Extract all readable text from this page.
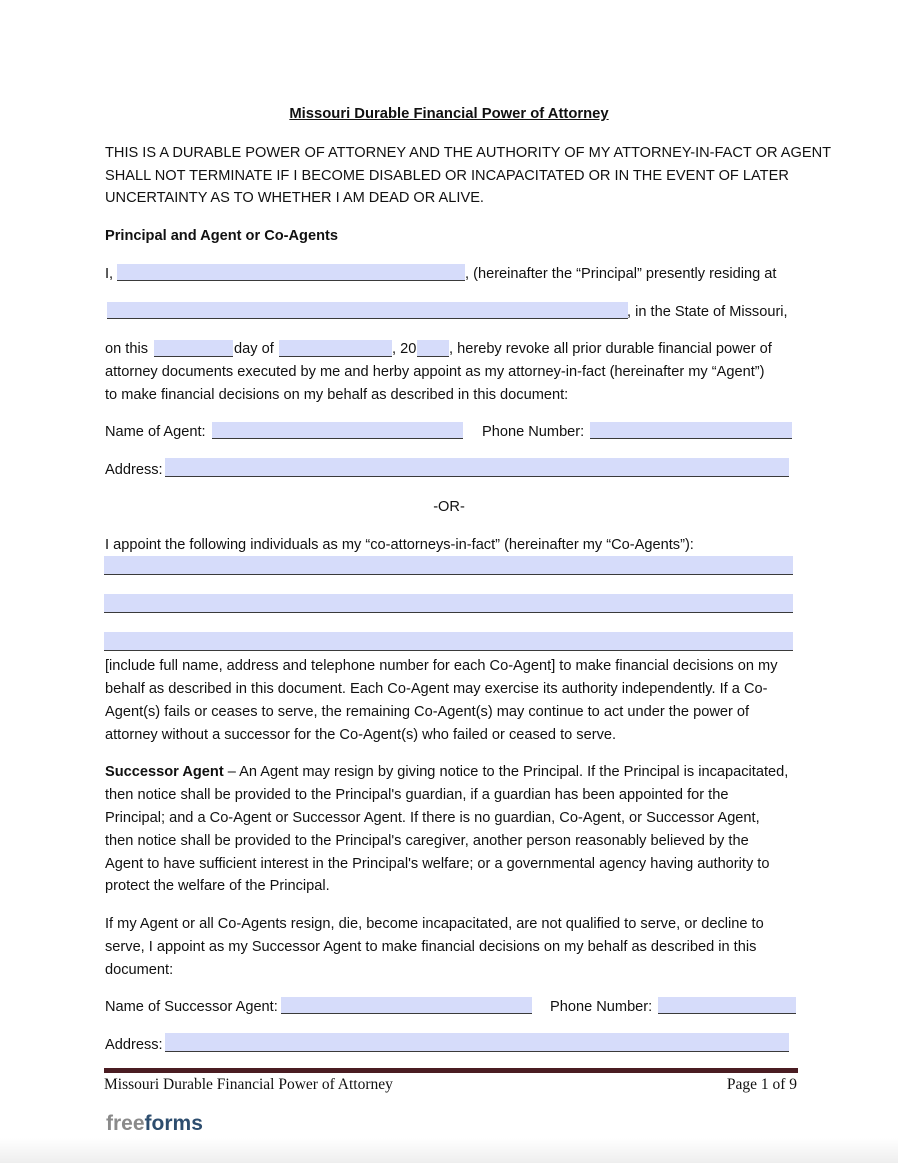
Missouri Durable Financial Power of Attorney
THIS IS A DURABLE POWER OF ATTORNEY AND THE AUTHORITY OF MY ATTORNEY-IN-FACT OR AGENT
SHALL NOT TERMINATE IF I BECOME DISABLED OR INCAPACITATED OR IN THE EVENT OF LATER
UNCERTAINTY AS TO WHETHER I AM DEAD OR ALIVE.
Principal and Agent or Co-Agents
I,	, (hereinafter the “Principal” presently residing at
, in the State of Missouri,
on this	day of	, 20 , hereby revoke all prior durable financial power of
attorney documents executed by me and herby appoint as my attorney-in-fact (hereinafter my “Agent”)
to make financial decisions on my behalf as described in this document:
Name of Agent:	Phone Number:
Address:
-OR-
I appoint the following individuals as my “co-attorneys-in-fact” (hereinafter my “Co-Agents”):
[include full name, address and telephone number for each Co-Agent] to make financial decisions on my
behalf as described in this document. Each Co-Agent may exercise its authority independently. If a Co-
Agent(s) fails or ceases to serve, the remaining Co-Agent(s) may continue to act under the power of
attorney without a successor for the Co-Agent(s) who failed or ceased to serve.
Successor Agent – An Agent may resign by giving notice to the Principal. If the Principal is incapacitated,
then notice shall be provided to the Principal's guardian, if a guardian has been appointed for the
Principal; and a Co-Agent or Successor Agent. If there is no guardian, Co-Agent, or Successor Agent,
then notice shall be provided to the Principal's caregiver, another person reasonably believed by the
Agent to have sufficient interest in the Principal's welfare; or a governmental agency having authority to
protect the welfare of the Principal.
If my Agent or all Co-Agents resign, die, become incapacitated, are not qualified to serve, or decline to
serve, I appoint as my Successor Agent to make financial decisions on my behalf as described in this
document:
Name of Successor Agent:	Phone Number:
Address:
Missouri Durable Financial Power of Attorney	Page 1 of 9
freeforms
